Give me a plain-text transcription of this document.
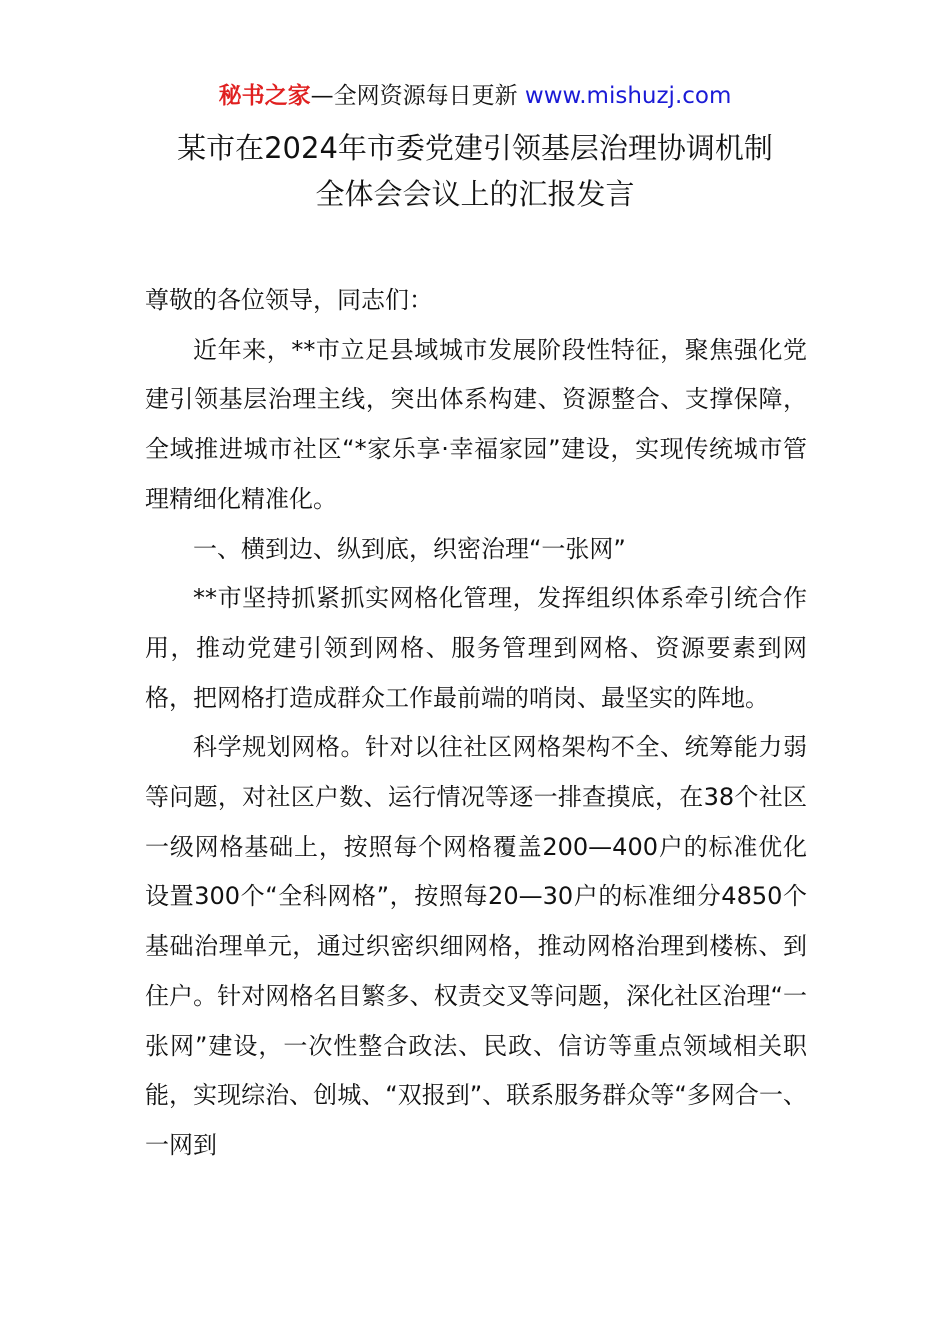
秘书之家—全网资源每日更新 www.mishuzj.com
某市在2024年市委党建引领基层治理协调机制
全体会会议上的汇报发言

尊敬的各位领导，同志们：

近年来，**市立足县域城市发展阶段性特征，聚焦强化党建引领基层治理主线，突出体系构建、资源整合、支撑保障，全域推进城市社区“*家乐享·幸福家园”建设，实现传统城市管理精细化精准化。

一、横到边、纵到底，织密治理“一张网”

**市坚持抓紧抓实网格化管理，发挥组织体系牵引统合作用，推动党建引领到网格、服务管理到网格、资源要素到网格，把网格打造成群众工作最前端的哨岗、最坚实的阵地。

科学规划网格。针对以往社区网格架构不全、统筹能力弱等问题，对社区户数、运行情况等逐一排查摸底，在38个社区一级网格基础上，按照每个网格覆盖200—400户的标准优化设置300个“全科网格”，按照每20—30户的标准细分4850个基础治理单元，通过织密织细网格，推动网格治理到楼栋、到住户。针对网格名目繁多、权责交叉等问题，深化社区治理“一张网”建设，一次性整合政法、民政、信访等重点领域相关职能，实现综治、创城、“双报到”、联系服务群众等“多网合一、一网到
